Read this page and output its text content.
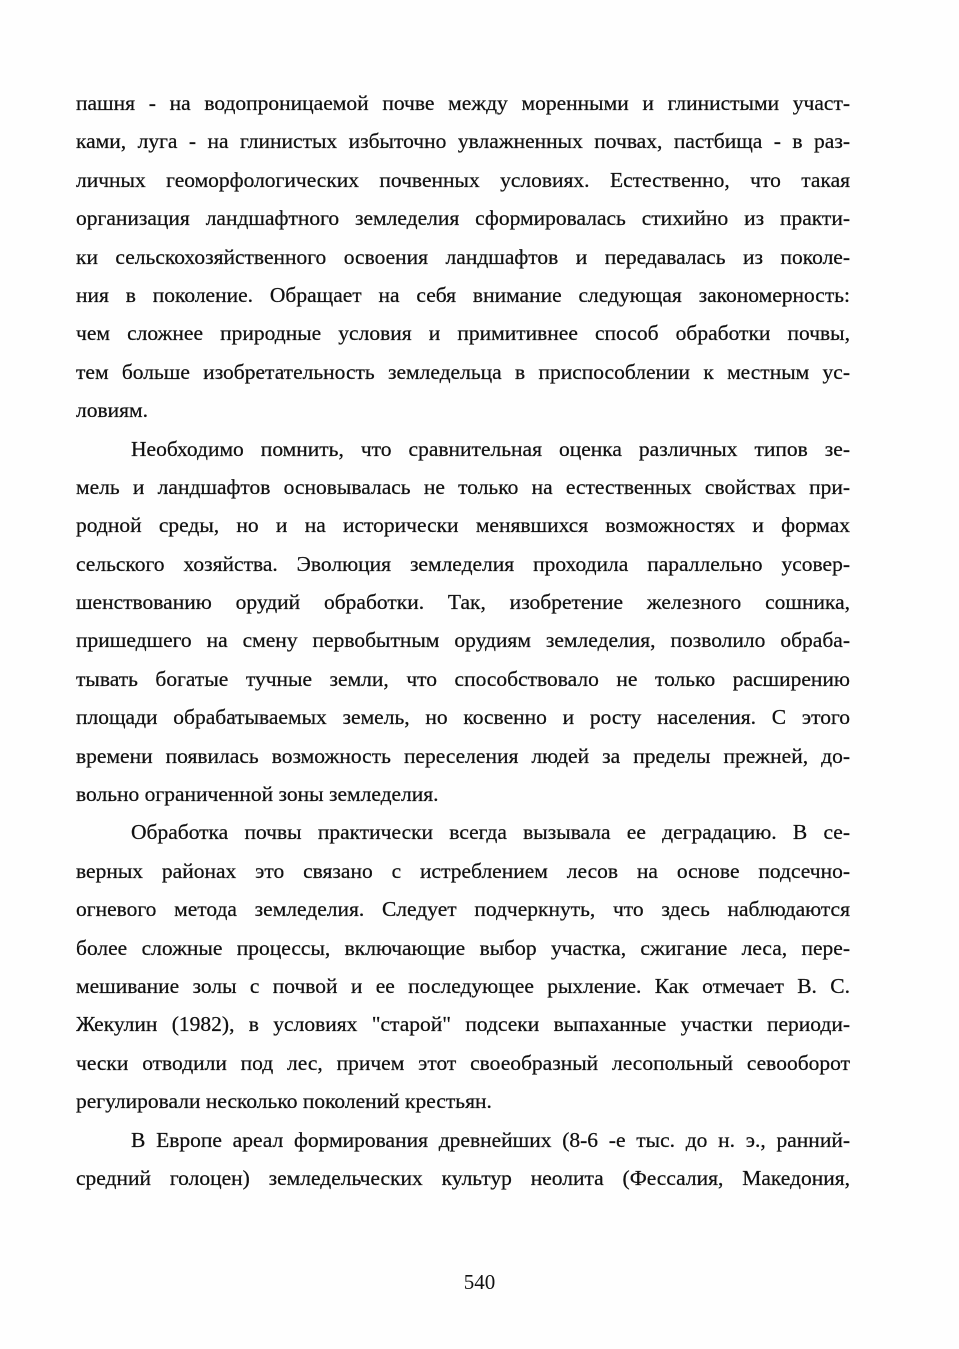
пашня - на водопроницаемой почве между моренными и глинистыми участ-
ками, луга - на глинистых избыточно увлажненных почвах, пастбища - в раз-
личных геоморфологических почвенных условиях. Естественно, что такая
организация ландшафтного земледелия сформировалась стихийно из практи-
ки сельскохозяйственного освоения ландшафтов и передавалась из поколе-
ния в поколение. Обращает на себя внимание следующая закономерность:
чем сложнее природные условия и примитивнее способ обработки почвы,
тем больше изобретательность земледельца в приспособлении к местным ус-
ловиям.
Необходимо помнить, что сравнительная оценка различных типов зе-
мель и ландшафтов основывалась не только на естественных свойствах при-
родной среды, но и на исторически менявшихся возможностях и формах
сельского хозяйства. Эволюция земледелия проходила параллельно усовер-
шенствованию орудий обработки. Так, изобретение железного сошника,
пришедшего на смену первобытным орудиям земледелия, позволило обраба-
тывать богатые тучные земли, что способствовало не только расширению
площади обрабатываемых земель, но косвенно и росту населения. С этого
времени появилась возможность переселения людей за пределы прежней, до-
вольно ограниченной зоны земледелия.
Обработка почвы практически всегда вызывала ее деградацию. В се-
верных районах это связано с истреблением лесов на основе подсечно-
огневого метода земледелия. Следует подчеркнуть, что здесь наблюдаются
более сложные процессы, включающие выбор участка, сжигание леса, пере-
мешивание золы с почвой и ее последующее рыхление. Как отмечает В. С.
Жекулин (1982), в условиях "старой" подсеки выпаханные участки периоди-
чески отводили под лес, причем этот своеобразный лесопольный севооборот
регулировали несколько поколений крестьян.
В Европе ареал формирования древнейших (8-6 -е тыс. до н. э., ранний-
средний голоцен) земледельческих культур неолита (Фессалия, Македония,
540
